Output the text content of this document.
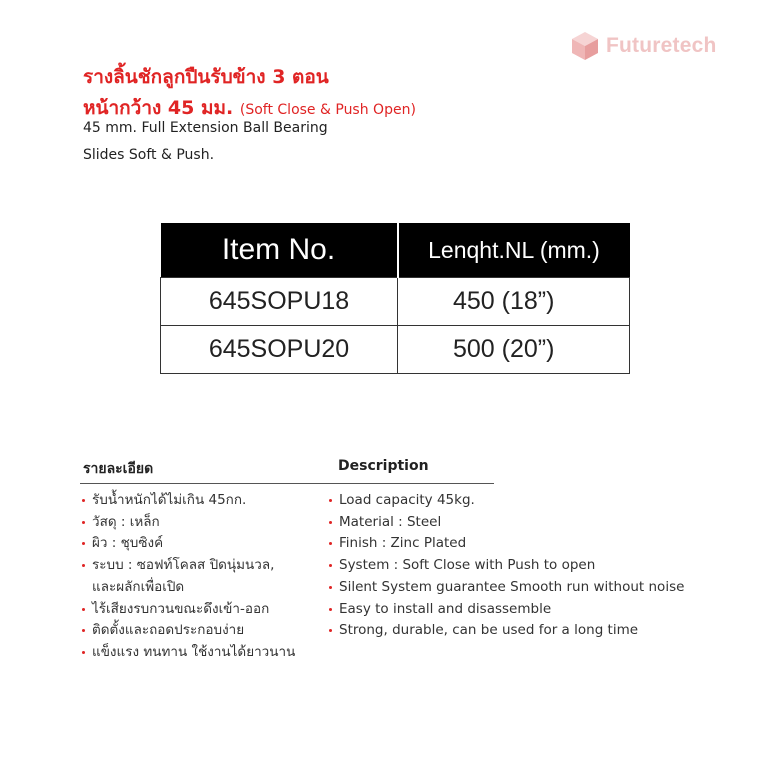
Futuretech
รางลิ้นชักลูกปืนรับข้าง 3 ตอน
หน้ากว้าง 45 มม. (Soft Close & Push Open)
45 mm. Full Extension Ball Bearing
Slides Soft & Push.
Item No.	Lenqht.NL (mm.)
645SOPU18	450 (18”)
645SOPU20	500 (20”)
รายละเอียด	Description
รับน้ำหนักได้ไม่เกิน 45กก.
วัสดุ : เหล็ก
ผิว : ชุบซิงค์
ระบบ : ซอฟท์โคลส ปิดนุ่มนวล,
และผลักเพื่อเปิด
ไร้เสียงรบกวนขณะดึงเข้า-ออก
ติดตั้งและถอดประกอบง่าย
แข็งแรง ทนทาน ใช้งานได้ยาวนาน
Load capacity 45kg.
Material : Steel
Finish : Zinc Plated
System : Soft Close with Push to open
Silent System guarantee Smooth run without noise
Easy to install and disassemble
Strong, durable, can be used for a long time
